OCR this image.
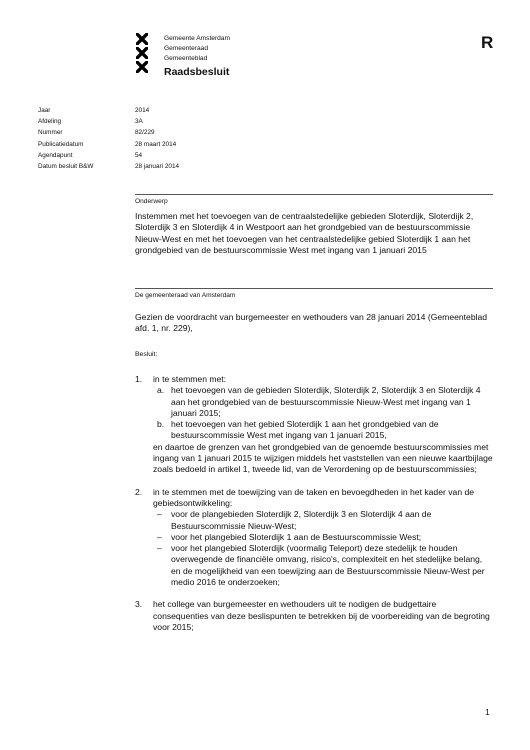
Gemeente Amsterdam
Gemeenteraad
Gemeenteblad
Raadsbesluit
R
Jaar	2014
Afdeling	3A
Nummer	82/229
Publicatiedatum	28 maart 2014
Agendapunt	54
Datum besluit B&W	28 januari 2014
Onderwerp
Instemmen met het toevoegen van de centraalstedelijke gebieden Sloterdijk, Sloterdijk 2, Sloterdijk 3 en Sloterdijk 4 in Westpoort aan het grondgebied van de bestuurscommissie Nieuw-West en met het toevoegen van het centraalstedelijke gebied Sloterdijk 1 aan het grondgebied van de bestuurscommissie West met ingang van 1 januari 2015
De gemeenteraad van Amsterdam
Gezien de voordracht van burgemeester en wethouders van 28 januari 2014 (Gemeenteblad afd. 1, nr. 229),
Besluit:
1. in te stemmen met:
a. het toevoegen van de gebieden Sloterdijk, Sloterdijk 2, Sloterdijk 3 en Sloterdijk 4 aan het grondgebied van de bestuurscommissie Nieuw-West met ingang van 1 januari 2015;
b. het toevoegen van het gebied Sloterdijk 1 aan het grondgebied van de bestuurscommissie West met ingang van 1 januari 2015,
en daartoe de grenzen van het grondgebied van de genoemde bestuurscommissies met ingang van 1 januari 2015 te wijzigen middels het vaststellen van een nieuwe kaartbijlage zoals bedoeld in artikel 1, tweede lid, van de Verordening op de bestuurscommissies;
2. in te stemmen met de toewijzing van de taken en bevoegdheden in het kader van de gebiedsontwikkeling:
– voor de plangebieden Sloterdijk 2, Sloterdijk 3 en Sloterdijk 4 aan de Bestuurscommissie Nieuw-West;
– voor het plangebied Sloterdijk 1 aan de Bestuurscommissie West;
– voor het plangebied Sloterdijk (voormalig Teleport) deze stedelijk te houden overwegende de financiële omvang, risico's, complexiteit en het stedelijke belang, en de mogelijkheid van een toewijzing aan de Bestuurscommissie Nieuw-West per medio 2016 te onderzoeken;
3. het college van burgemeester en wethouders uit te nodigen de budgettaire consequenties van deze beslispunten te betrekken bij de voorbereiding van de begroting voor 2015;
1
